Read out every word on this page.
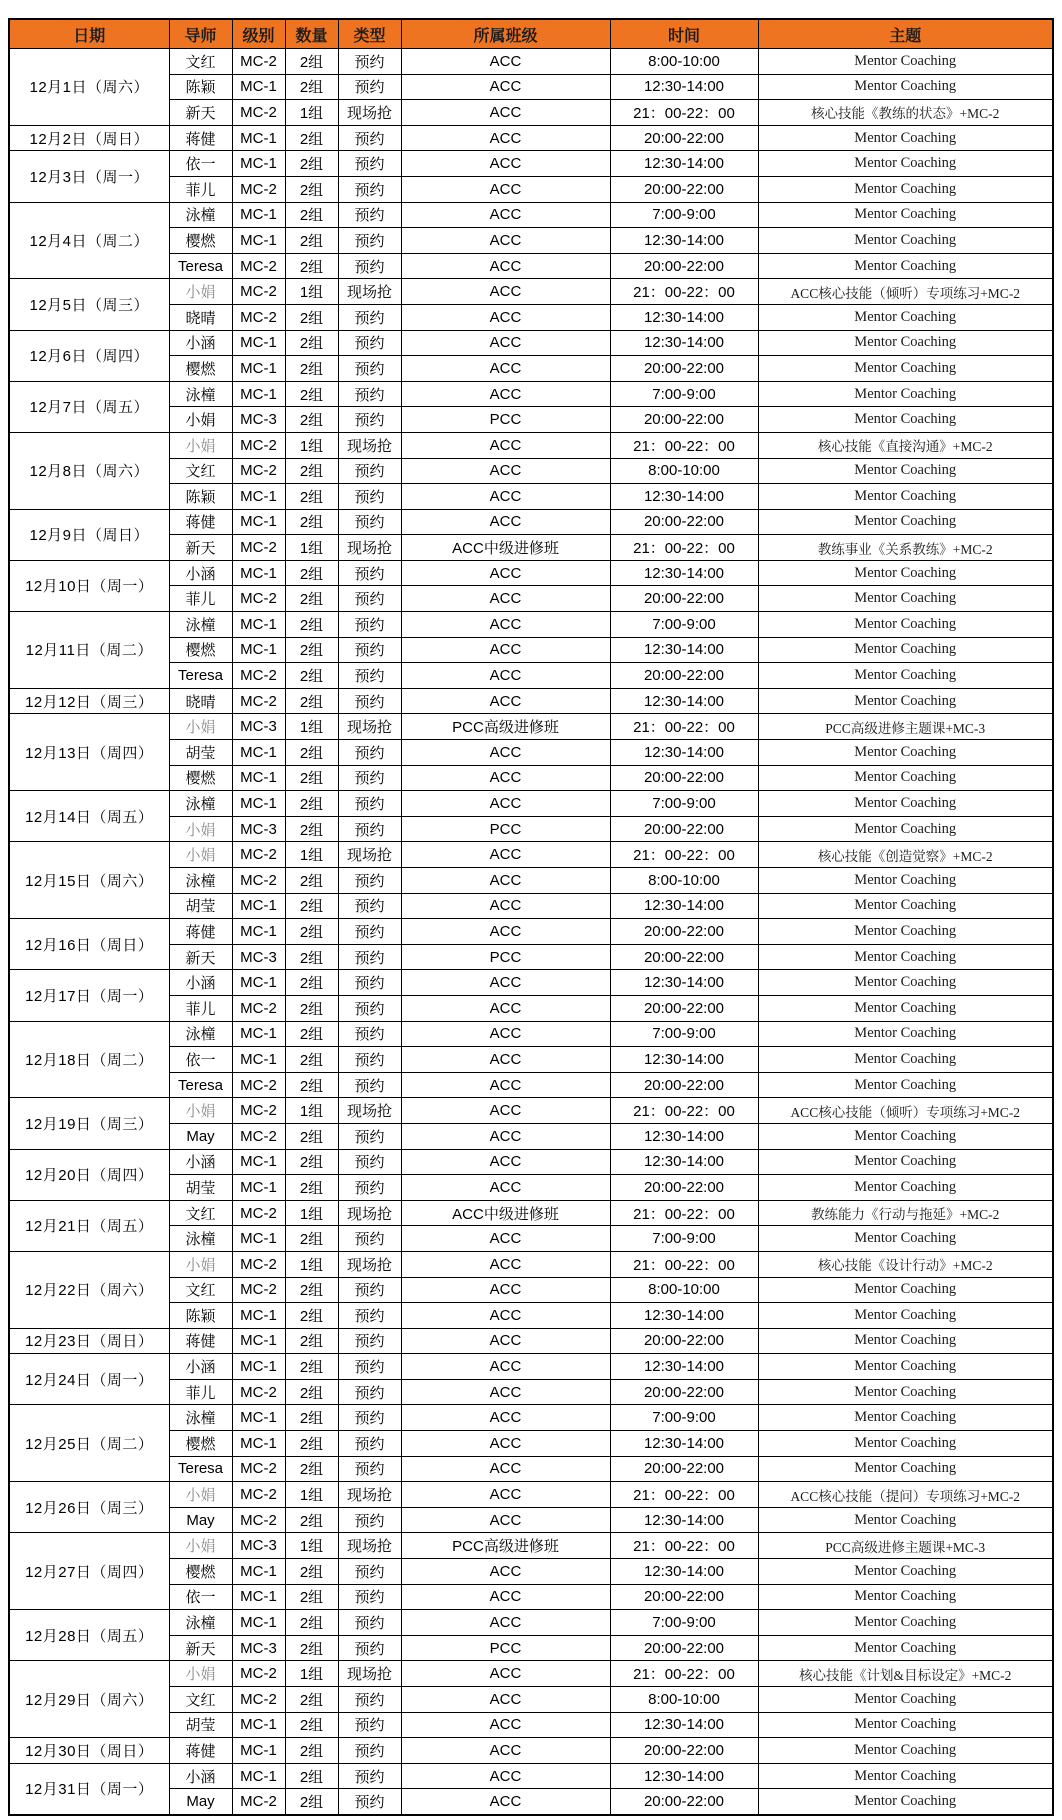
日期	导师	级别	数量	类型	所属班级	时间	主题
12月1日（周六）	文红	MC-2	2组	预约	ACC	8:00-10:00	Mentor Coaching
	陈颖	MC-1	2组	预约	ACC	12:30-14:00	Mentor Coaching
	新天	MC-2	1组	现场抢	ACC	21：00-22：00	核心技能《教练的状态》+MC-2
12月2日（周日）	蒋健	MC-1	2组	预约	ACC	20:00-22:00	Mentor Coaching
12月3日（周一）	依一	MC-1	2组	预约	ACC	12:30-14:00	Mentor Coaching
	菲儿	MC-2	2组	预约	ACC	20:00-22:00	Mentor Coaching
12月4日（周二）	泳橦	MC-1	2组	预约	ACC	7:00-9:00	Mentor Coaching
	樱燃	MC-1	2组	预约	ACC	12:30-14:00	Mentor Coaching
	Teresa	MC-2	2组	预约	ACC	20:00-22:00	Mentor Coaching
12月5日（周三）	小娟	MC-2	1组	现场抢	ACC	21：00-22：00	ACC核心技能（倾听）专项练习+MC-2
	晓晴	MC-2	2组	预约	ACC	12:30-14:00	Mentor Coaching
12月6日（周四）	小涵	MC-1	2组	预约	ACC	12:30-14:00	Mentor Coaching
	樱燃	MC-1	2组	预约	ACC	20:00-22:00	Mentor Coaching
12月7日（周五）	泳橦	MC-1	2组	预约	ACC	7:00-9:00	Mentor Coaching
	小娟	MC-3	2组	预约	PCC	20:00-22:00	Mentor Coaching
12月8日（周六）	小娟	MC-2	1组	现场抢	ACC	21：00-22：00	核心技能《直接沟通》+MC-2
	文红	MC-2	2组	预约	ACC	8:00-10:00	Mentor Coaching
	陈颖	MC-1	2组	预约	ACC	12:30-14:00	Mentor Coaching
12月9日（周日）	蒋健	MC-1	2组	预约	ACC	20:00-22:00	Mentor Coaching
	新天	MC-2	1组	现场抢	ACC中级进修班	21：00-22：00	教练事业《关系教练》+MC-2
12月10日（周一）	小涵	MC-1	2组	预约	ACC	12:30-14:00	Mentor Coaching
	菲儿	MC-2	2组	预约	ACC	20:00-22:00	Mentor Coaching
12月11日（周二）	泳橦	MC-1	2组	预约	ACC	7:00-9:00	Mentor Coaching
	樱燃	MC-1	2组	预约	ACC	12:30-14:00	Mentor Coaching
	Teresa	MC-2	2组	预约	ACC	20:00-22:00	Mentor Coaching
12月12日（周三）	晓晴	MC-2	2组	预约	ACC	12:30-14:00	Mentor Coaching
12月13日（周四）	小娟	MC-3	1组	现场抢	PCC高级进修班	21：00-22：00	PCC高级进修主题课+MC-3
	胡莹	MC-1	2组	预约	ACC	12:30-14:00	Mentor Coaching
	樱燃	MC-1	2组	预约	ACC	20:00-22:00	Mentor Coaching
12月14日（周五）	泳橦	MC-1	2组	预约	ACC	7:00-9:00	Mentor Coaching
	小娟	MC-3	2组	预约	PCC	20:00-22:00	Mentor Coaching
12月15日（周六）	小娟	MC-2	1组	现场抢	ACC	21：00-22：00	核心技能《创造觉察》+MC-2
	泳橦	MC-2	2组	预约	ACC	8:00-10:00	Mentor Coaching
	胡莹	MC-1	2组	预约	ACC	12:30-14:00	Mentor Coaching
12月16日（周日）	蒋健	MC-1	2组	预约	ACC	20:00-22:00	Mentor Coaching
	新天	MC-3	2组	预约	PCC	20:00-22:00	Mentor Coaching
12月17日（周一）	小涵	MC-1	2组	预约	ACC	12:30-14:00	Mentor Coaching
	菲儿	MC-2	2组	预约	ACC	20:00-22:00	Mentor Coaching
12月18日（周二）	泳橦	MC-1	2组	预约	ACC	7:00-9:00	Mentor Coaching
	依一	MC-1	2组	预约	ACC	12:30-14:00	Mentor Coaching
	Teresa	MC-2	2组	预约	ACC	20:00-22:00	Mentor Coaching
12月19日（周三）	小娟	MC-2	1组	现场抢	ACC	21：00-22：00	ACC核心技能（倾听）专项练习+MC-2
	May	MC-2	2组	预约	ACC	12:30-14:00	Mentor Coaching
12月20日（周四）	小涵	MC-1	2组	预约	ACC	12:30-14:00	Mentor Coaching
	胡莹	MC-1	2组	预约	ACC	20:00-22:00	Mentor Coaching
12月21日（周五）	文红	MC-2	1组	现场抢	ACC中级进修班	21：00-22：00	教练能力《行动与拖延》+MC-2
	泳橦	MC-1	2组	预约	ACC	7:00-9:00	Mentor Coaching
12月22日（周六）	小娟	MC-2	1组	现场抢	ACC	21：00-22：00	核心技能《设计行动》+MC-2
	文红	MC-2	2组	预约	ACC	8:00-10:00	Mentor Coaching
	陈颖	MC-1	2组	预约	ACC	12:30-14:00	Mentor Coaching
12月23日（周日）	蒋健	MC-1	2组	预约	ACC	20:00-22:00	Mentor Coaching
12月24日（周一）	小涵	MC-1	2组	预约	ACC	12:30-14:00	Mentor Coaching
	菲儿	MC-2	2组	预约	ACC	20:00-22:00	Mentor Coaching
12月25日（周二）	泳橦	MC-1	2组	预约	ACC	7:00-9:00	Mentor Coaching
	樱燃	MC-1	2组	预约	ACC	12:30-14:00	Mentor Coaching
	Teresa	MC-2	2组	预约	ACC	20:00-22:00	Mentor Coaching
12月26日（周三）	小娟	MC-2	1组	现场抢	ACC	21：00-22：00	ACC核心技能（提问）专项练习+MC-2
	May	MC-2	2组	预约	ACC	12:30-14:00	Mentor Coaching
12月27日（周四）	小娟	MC-3	1组	现场抢	PCC高级进修班	21：00-22：00	PCC高级进修主题课+MC-3
	樱燃	MC-1	2组	预约	ACC	12:30-14:00	Mentor Coaching
	依一	MC-1	2组	预约	ACC	20:00-22:00	Mentor Coaching
12月28日（周五）	泳橦	MC-1	2组	预约	ACC	7:00-9:00	Mentor Coaching
	新天	MC-3	2组	预约	PCC	20:00-22:00	Mentor Coaching
12月29日（周六）	小娟	MC-2	1组	现场抢	ACC	21：00-22：00	核心技能《计划&目标设定》+MC-2
	文红	MC-2	2组	预约	ACC	8:00-10:00	Mentor Coaching
	胡莹	MC-1	2组	预约	ACC	12:30-14:00	Mentor Coaching
12月30日（周日）	蒋健	MC-1	2组	预约	ACC	20:00-22:00	Mentor Coaching
12月31日（周一）	小涵	MC-1	2组	预约	ACC	12:30-14:00	Mentor Coaching
	May	MC-2	2组	预约	ACC	20:00-22:00	Mentor Coaching
